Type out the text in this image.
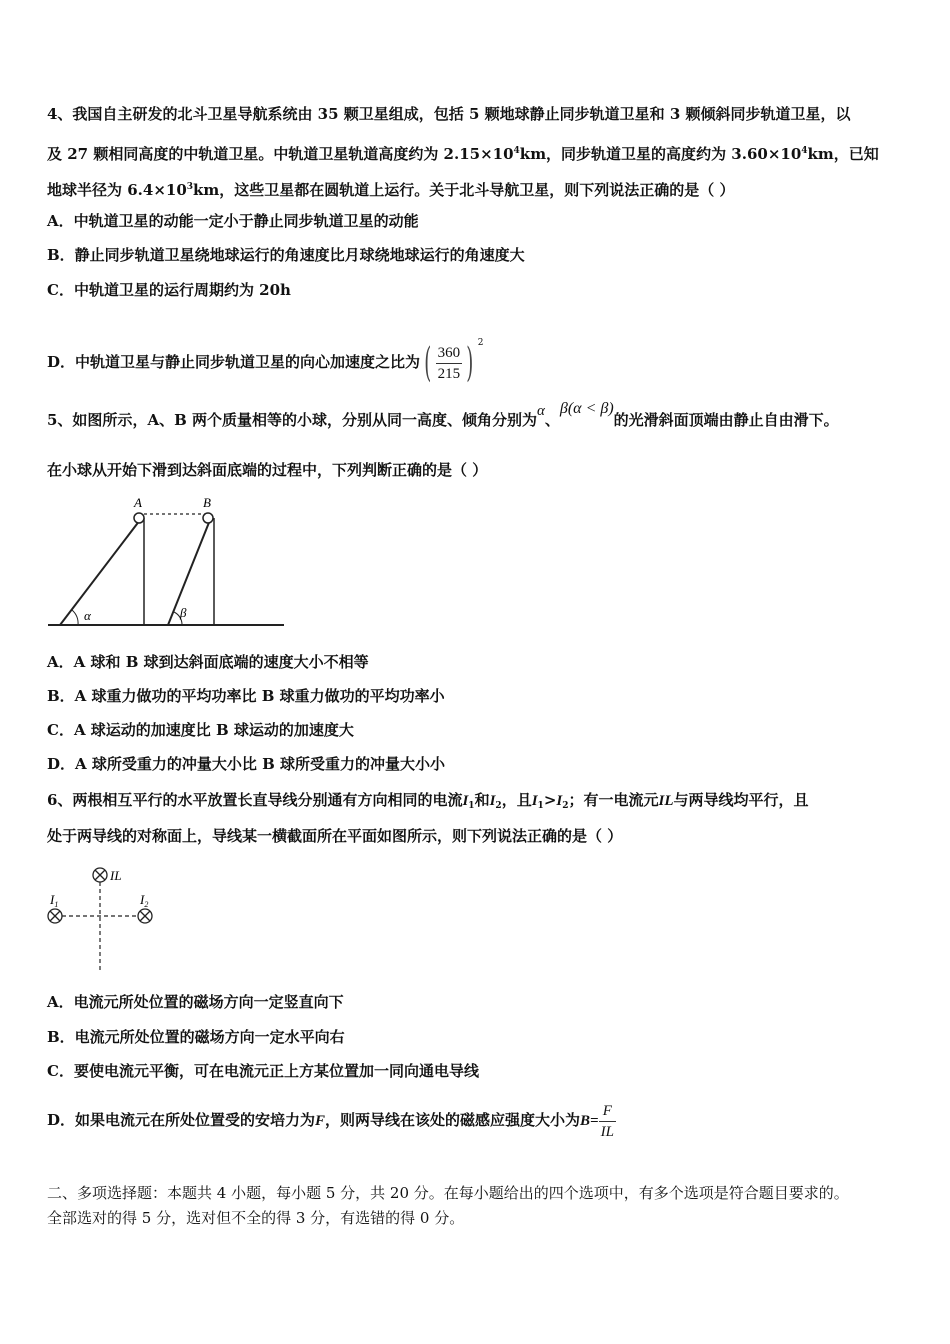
4、我国自主研发的北斗卫星导航系统由 35 颗卫星组成，包括 5 颗地球静止同步轨道卫星和 3 颗倾斜同步轨道卫星，以
及 27 颗相同高度的中轨道卫星。中轨道卫星轨道高度约为 $2.15\times 10^4km$，同步轨道卫星的高度约为 $3.60\times 10^4km$，已知
地球半径为 $6.4\times 10^3km$，这些卫星都在圆轨道上运行。关于北斗导航卫星，则下列说法正确的是（ ）
A．中轨道卫星的动能一定小于静止同步轨道卫星的动能
B．静止同步轨道卫星绕地球运行的角速度比月球绕地球运行的角速度大
C．中轨道卫星的运行周期约为 20h
D．中轨道卫星与静止同步轨道卫星的向心加速度之比为 ( $\frac{360}{215}$ ) $^2$
5、如图所示，A、B 两个质量相等的小球，分别从同一高度、倾角分别为α、β(α < β)的光滑斜面顶端由静止自由滑下。
在小球从开始下滑到达斜面底端的过程中，下列判断正确的是（ ）
A	B
α	β
A．A 球和 B 球到达斜面底端的速度大小不相等
B．A 球重力做功的平均功率比 B 球重力做功的平均功率小
C．A 球运动的加速度比 B 球运动的加速度大
D．A 球所受重力的冲量大小比 B 球所受重力的冲量大小小
6、两根相互平行的水平放置长直导线分别通有方向相同的电流$I_1$和$I_2$，且$I_1>I_2$；有一电流元IL与两导线均平行，且
处于两导线的对称面上，导线某一横截面所在平面如图所示，则下列说法正确的是（ ）
IL
$I_1$	$I_2$
A．电流元所处位置的磁场方向一定竖直向下
B．电流元所处位置的磁场方向一定水平向右
C．要使电流元平衡，可在电流元正上方某位置加一同向通电导线
D．如果电流元在所处位置受的安培力为F，则两导线在该处的磁感应强度大小为$B= \frac{F}{IL}$
二、多项选择题：本题共 4 小题，每小题 5 分，共 20 分。在每小题给出的四个选项中，有多个选项是符合题目要求的。
全部选对的得 5 分，选对但不全的得 3 分，有选错的得 0 分。
